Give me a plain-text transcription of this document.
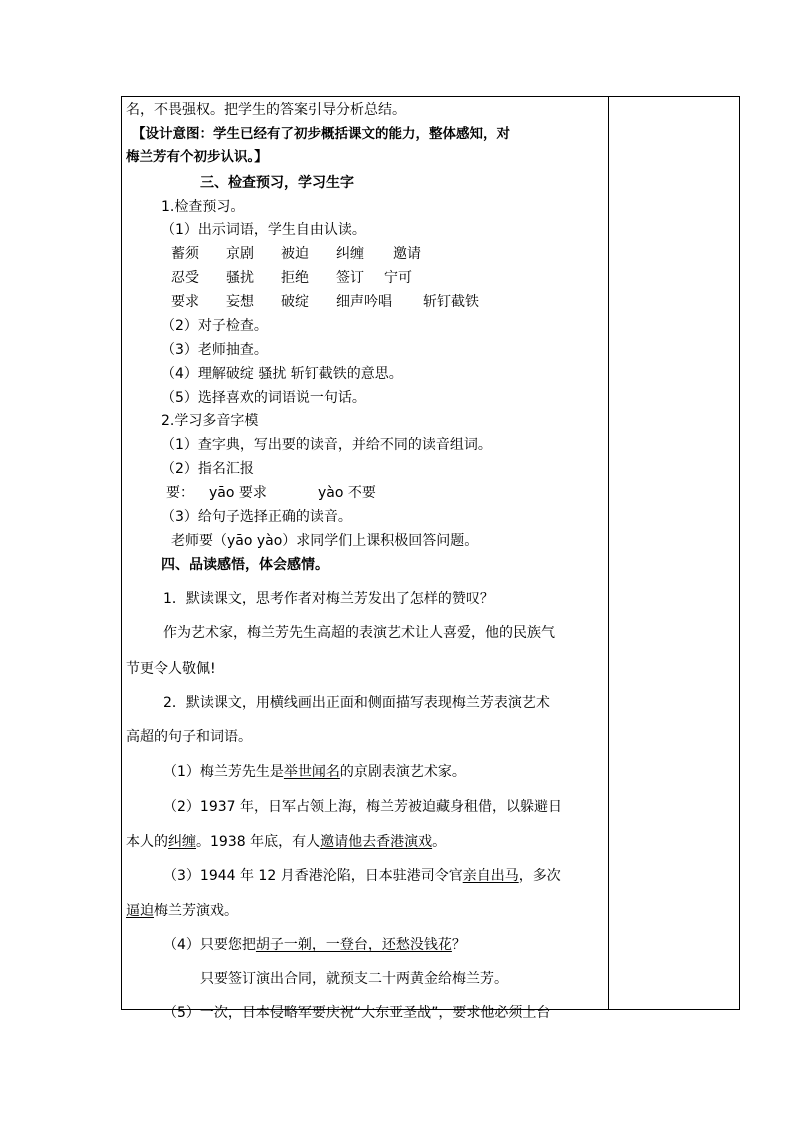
名，不畏强权。把学生的答案引导分析总结。
【设计意图：学生已经有了初步概括课文的能力，整体感知，对
梅兰芳有个初步认识。】
三、检查预习，学习生字
1.检查预习。
（1）出示词语，学生自由认读。
蓄须 京剧 被迫 纠缠 邀请
忍受 骚扰 拒绝 签订 宁可
要求 妄想 破绽 细声吟唱 斩钉截铁
（2）对子检查。
（3）老师抽查。
（4）理解破绽 骚扰 斩钉截铁的意思。
（5）选择喜欢的词语说一句话。
2.学习多音字模
（1）查字典，写出要的读音，并给不同的读音组词。
（2）指名汇报
要： yāo 要求	yào 不要
（3）给句子选择正确的读音。
老师要（yāo yào）求同学们上课积极回答问题。
四、品读感悟，体会感情。
1．默读课文，思考作者对梅兰芳发出了怎样的赞叹？
作为艺术家，梅兰芳先生高超的表演艺术让人喜爱，他的民族气
节更令人敬佩!
2．默读课文，用横线画出正面和侧面描写表现梅兰芳表演艺术
高超的句子和词语。
（1）梅兰芳先生是举世闻名的京剧表演艺术家。
（2）1937 年，日军占领上海，梅兰芳被迫藏身租借，以躲避日
本人的纠缠。1938 年底，有人邀请他去香港演戏。
（3）1944 年 12 月香港沦陷，日本驻港司令官亲自出马，多次
逼迫梅兰芳演戏。
（4）只要您把胡子一剃，一登台，还愁没钱花？
只要签订演出合同，就预支二十两黄金给梅兰芳。
（5）一次，日本侵略军要庆祝“大东亚圣战”，要求他必须上台
